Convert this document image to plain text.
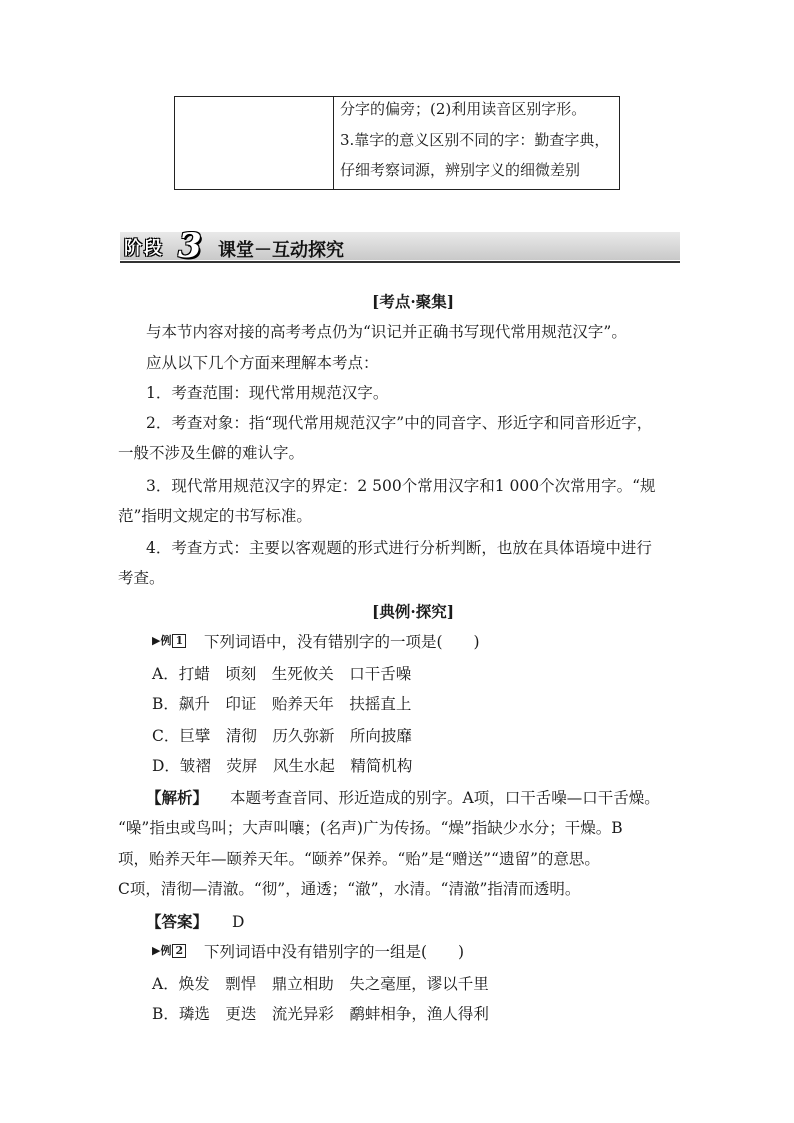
分字的偏旁；(2)利用读音区别字形。
3.靠字的意义区别不同的字：勤查字典，
仔细考察词源，辨别字义的细微差别
阶段 3 课堂－互动探究
[考点·聚集]
与本节内容对接的高考考点仍为“识记并正确书写现代常用规范汉字”。
应从以下几个方面来理解本考点：
1．考查范围：现代常用规范汉字。
2．考查对象：指“现代常用规范汉字”中的同音字、形近字和同音形近字，
一般不涉及生僻的难认字。
3．现代常用规范汉字的界定：2 500个常用汉字和1 000个次常用字。“规
范”指明文规定的书写标准。
4．考查方式：主要以客观题的形式进行分析判断，也放在具体语境中进行
考查。
[典例·探究]
▶例 1 下列词语中，没有错别字的一项是(　　)
A．打蜡　顷刻　生死攸关　口干舌噪
B．飙升　印证　贻养天年　扶摇直上
C．巨擘　清彻　历久弥新　所向披靡
D．皱褶　荧屏　风生水起　精简机构
【解析】 本题考查音同、形近造成的别字。A项，口干舌噪—口干舌燥。
“噪”指虫或鸟叫；大声叫嚷；(名声)广为传扬。“燥”指缺少水分；干燥。B
项，贻养天年—颐养天年。“颐养”保养。“贻”是“赠送”“遗留”的意思。
C项，清彻—清澈。“彻”，通透；“澈”，水清。“清澈”指清而透明。
【答案】 D
▶例 2 下列词语中没有错别字的一组是(　　)
A．焕发　剽悍　鼎立相助　失之毫厘，谬以千里
B．璘选　更迭　流光异彩　鹬蚌相争，渔人得利
